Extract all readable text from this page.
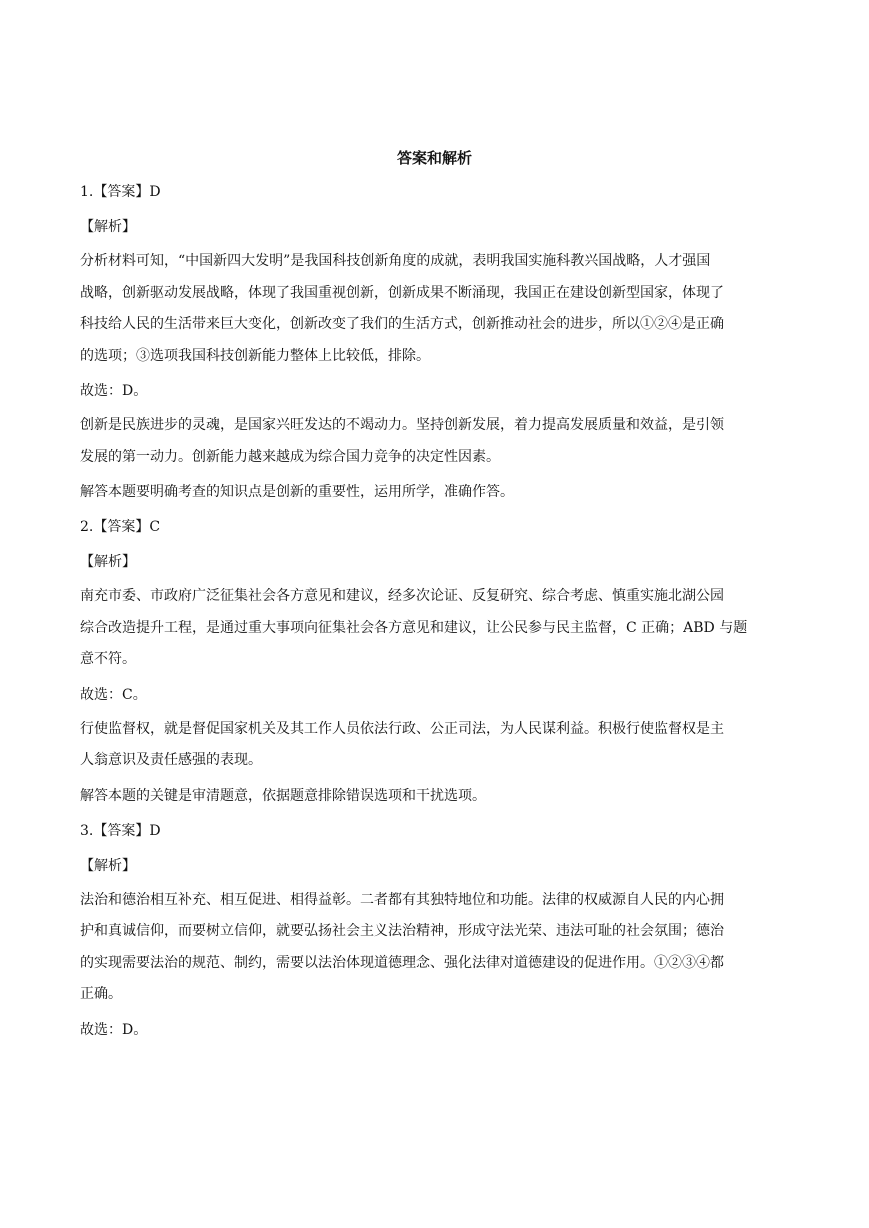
答案和解析
1.【答案】D
【解析】
分析材料可知，“中国新四大发明”是我国科技创新角度的成就，表明我国实施科教兴国战略，人才强国
战略，创新驱动发展战略，体现了我国重视创新，创新成果不断涌现，我国正在建设创新型国家，体现了
科技给人民的生活带来巨大变化，创新改变了我们的生活方式，创新推动社会的进步，所以①②④是正确
的选项；③选项我国科技创新能力整体上比较低，排除。
故选：D。
创新是民族进步的灵魂，是国家兴旺发达的不竭动力。坚持创新发展，着力提高发展质量和效益，是引领
发展的第一动力。创新能力越来越成为综合国力竞争的决定性因素。
解答本题要明确考查的知识点是创新的重要性，运用所学，准确作答。
2.【答案】C
【解析】
南充市委、市政府广泛征集社会各方意见和建议，经多次论证、反复研究、综合考虑、慎重实施北湖公园
综合改造提升工程，是通过重大事项向征集社会各方意见和建议，让公民参与民主监督，C 正确；ABD 与题
意不符。
故选：C。
行使监督权，就是督促国家机关及其工作人员依法行政、公正司法，为人民谋利益。积极行使监督权是主
人翁意识及责任感强的表现。
解答本题的关键是审清题意，依据题意排除错误选项和干扰选项。
3.【答案】D
【解析】
法治和德治相互补充、相互促进、相得益彰。二者都有其独特地位和功能。法律的权威源自人民的内心拥
护和真诚信仰，而要树立信仰，就要弘扬社会主义法治精神，形成守法光荣、违法可耻的社会氛围；德治
的实现需要法治的规范、制约，需要以法治体现道德理念、强化法律对道德建设的促进作用。①②③④都
正确。
故选：D。
